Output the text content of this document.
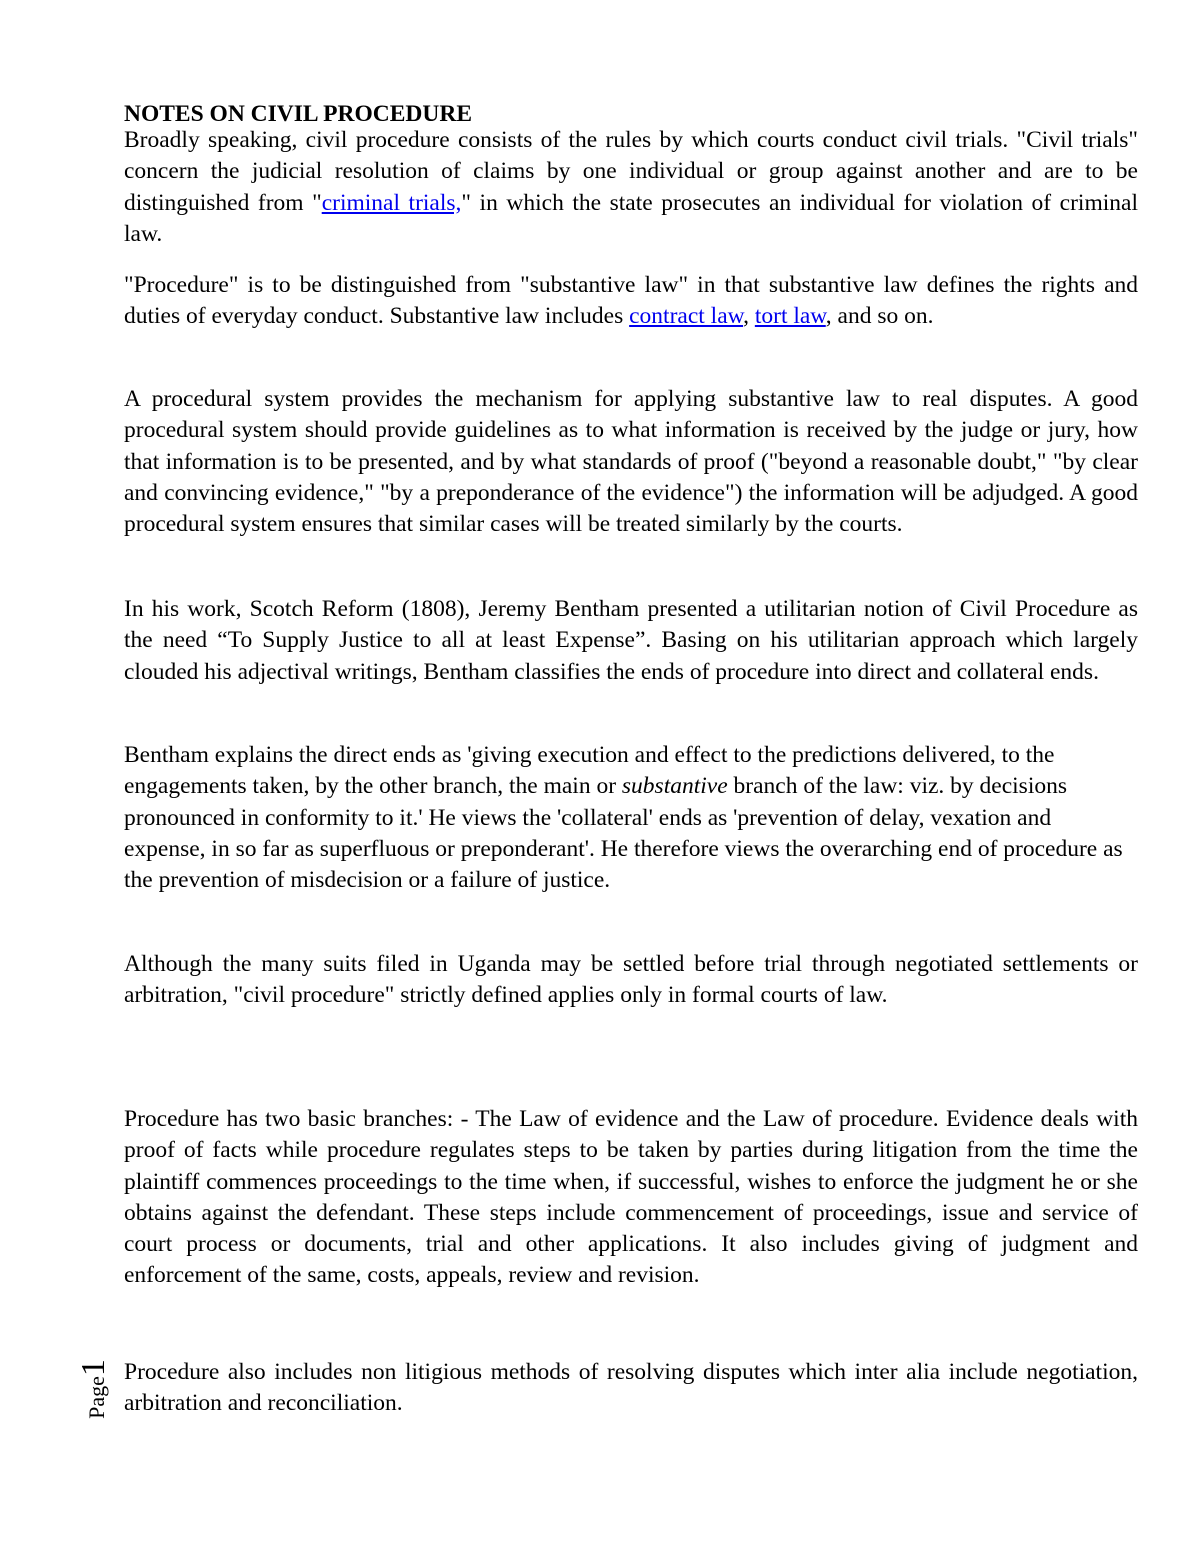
NOTES ON CIVIL PROCEDURE

Broadly speaking, civil procedure consists of the rules by which courts conduct civil trials. "Civil trials" concern the judicial resolution of claims by one individual or group against another and are to be distinguished from "criminal trials," in which the state prosecutes an individual for violation of criminal law.

"Procedure" is to be distinguished from "substantive law" in that substantive law defines the rights and duties of everyday conduct. Substantive law includes contract law, tort law, and so on.

A procedural system provides the mechanism for applying substantive law to real disputes. A good procedural system should provide guidelines as to what information is received by the judge or jury, how that information is to be presented, and by what standards of proof ("beyond a reasonable doubt," "by clear and convincing evidence," "by a preponderance of the evidence") the information will be adjudged. A good procedural system ensures that similar cases will be treated similarly by the courts.

In his work, Scotch Reform (1808), Jeremy Bentham presented a utilitarian notion of Civil Procedure as the need “To Supply Justice to all at least Expense”. Basing on his utilitarian approach which largely clouded his adjectival writings, Bentham classifies the ends of procedure into direct and collateral ends.

Bentham explains the direct ends as 'giving execution and effect to the predictions delivered, to the engagements taken, by the other branch, the main or substantive branch of the law: viz. by decisions pronounced in conformity to it.' He views the 'collateral' ends as 'prevention of delay, vexation and expense, in so far as superfluous or preponderant'. He therefore views the overarching end of procedure as the prevention of misdecision or a failure of justice.

Although the many suits filed in Uganda may be settled before trial through negotiated settlements or arbitration, "civil procedure" strictly defined applies only in formal courts of law.

Procedure has two basic branches: - The Law of evidence and the Law of procedure. Evidence deals with proof of facts while procedure regulates steps to be taken by parties during litigation from the time the plaintiff commences proceedings to the time when, if successful, wishes to enforce the judgment he or she obtains against the defendant. These steps include commencement of proceedings, issue and service of court process or documents, trial and other applications. It also includes giving of judgment and enforcement of the same, costs, appeals, review and revision.

Procedure also includes non litigious methods of resolving disputes which inter alia include negotiation, arbitration and reconciliation.

Page1
